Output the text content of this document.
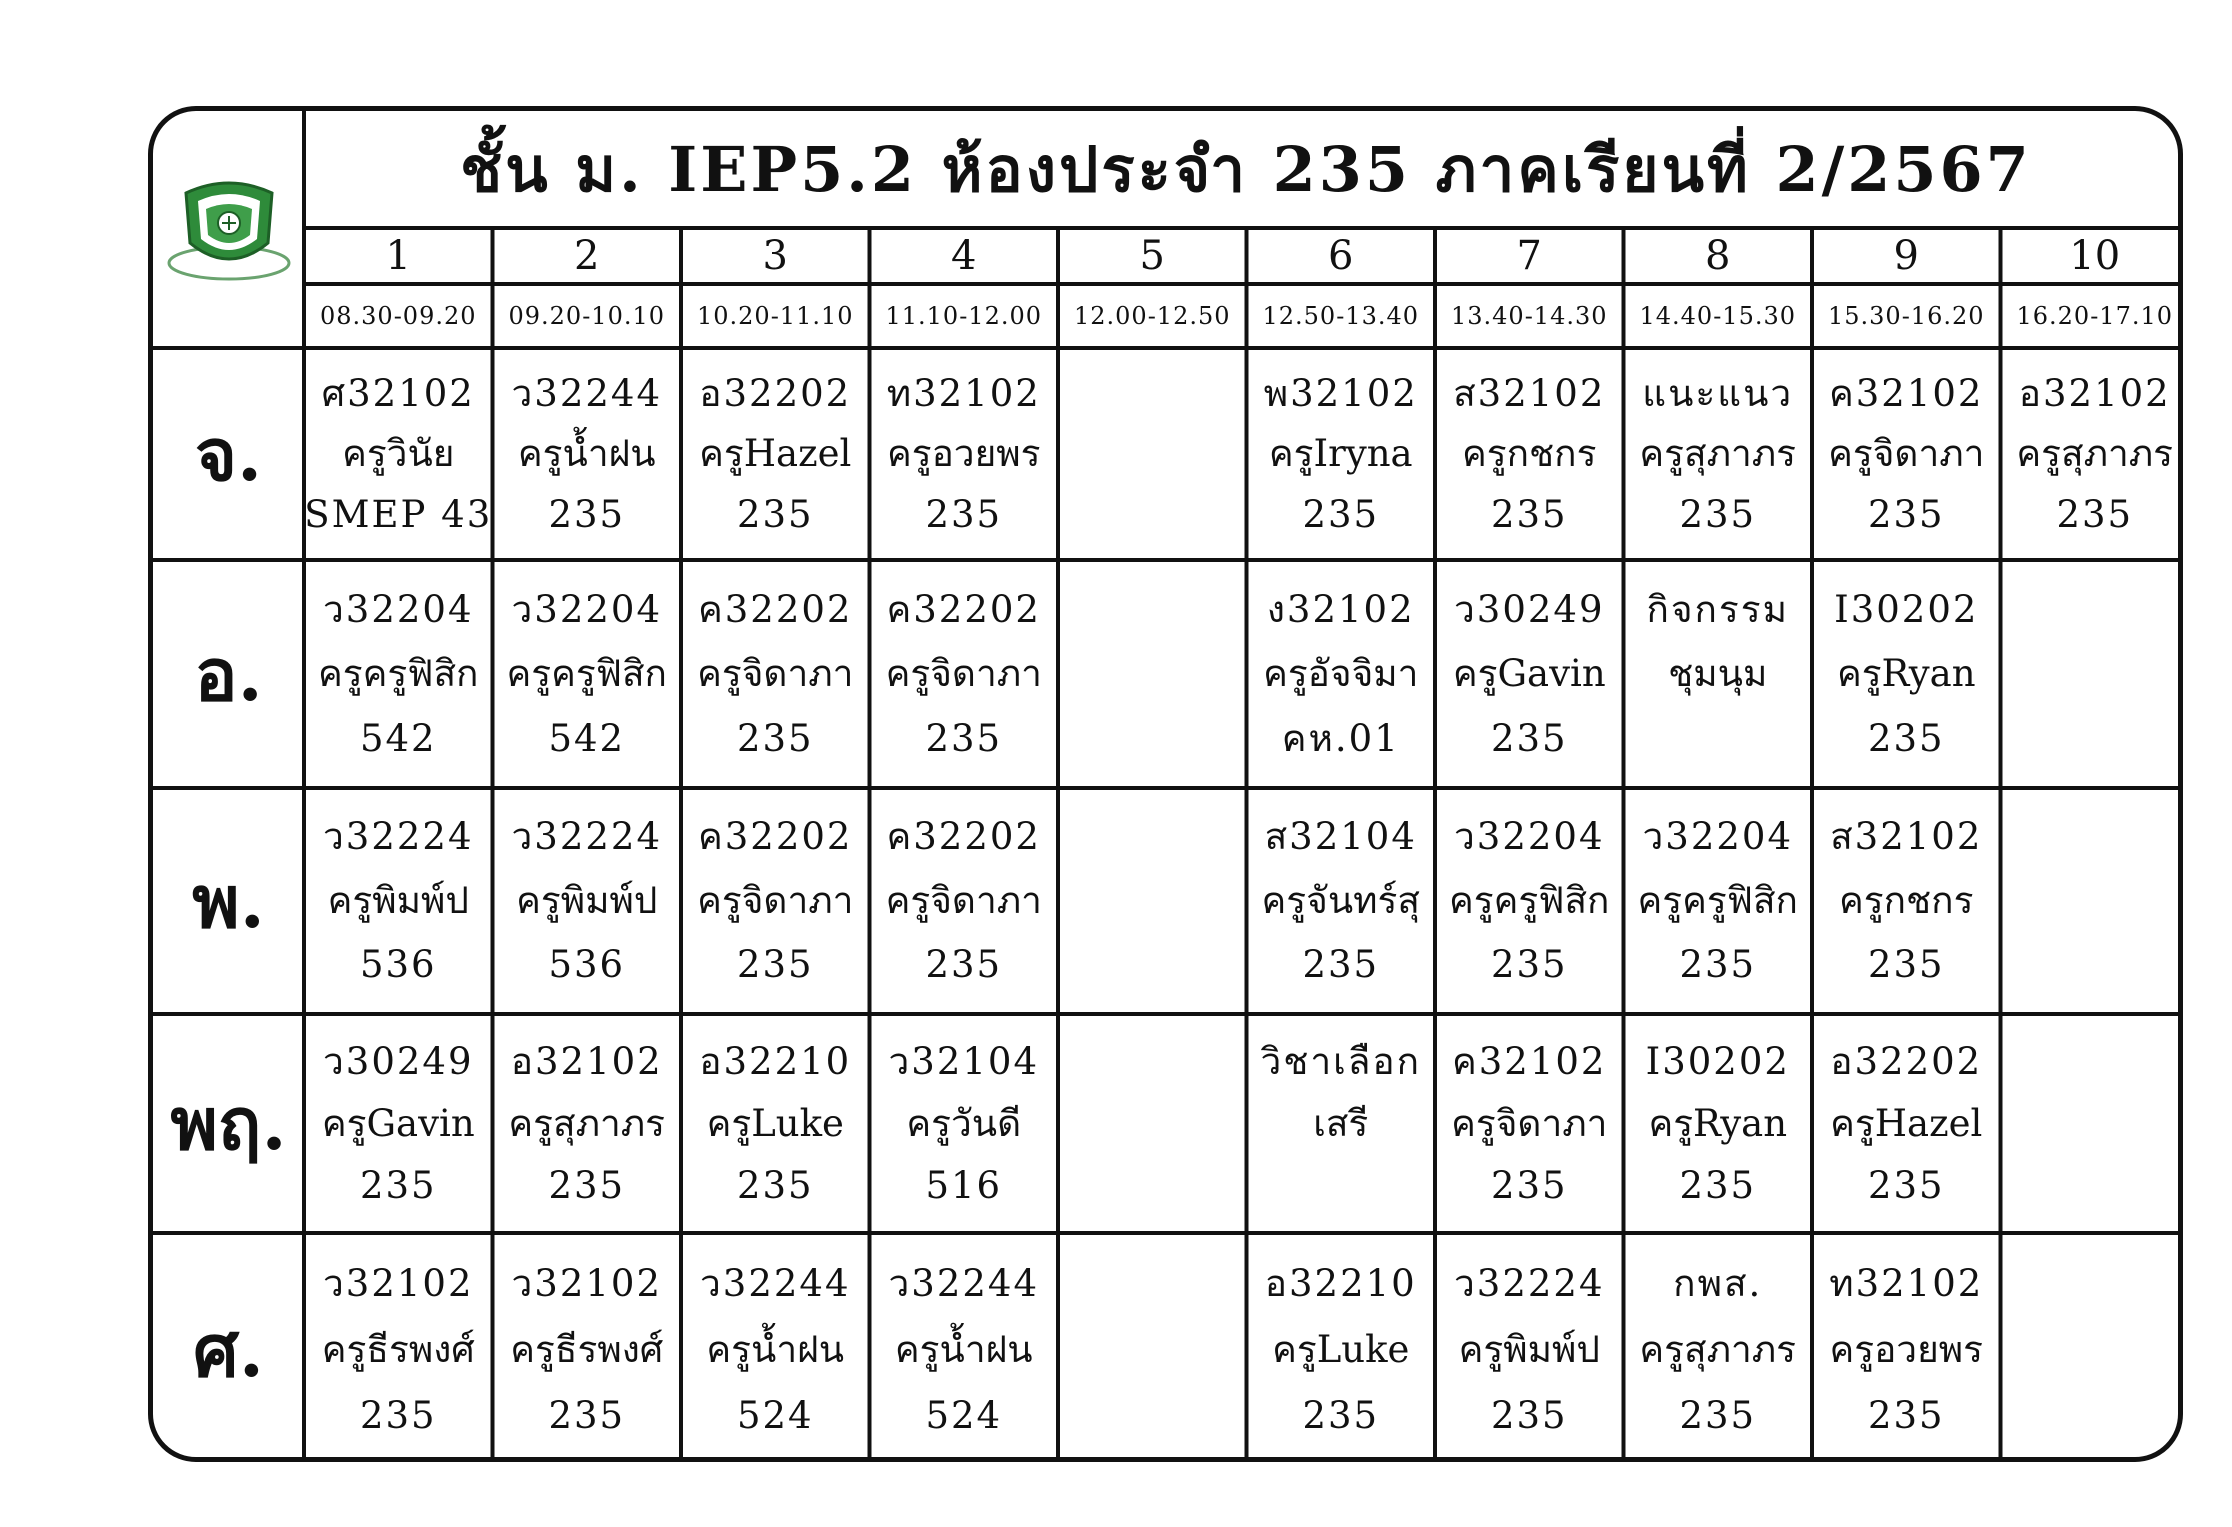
ชั้น ม. IEP5.2 ห้องประจำ 235 ภาคเรียนที่ 2/2567
1
08.30-09.20
2
09.20-10.10
3
10.20-11.10
4
11.10-12.00
5
12.00-12.50
6
12.50-13.40
7
13.40-14.30
8
14.40-15.30
9
15.30-16.20
10
16.20-17.10
จ.
ศ32102
ครูวินัย
SMEP 43
ว32244
ครูน้ำฝน
235
อ32202
ครูHazel
235
ท32102
ครูอวยพร
235

พ32102
ครูIryna
235
ส32102
ครูกชกร
235
แนะแนว
ครูสุภาภร
235
ค32102
ครูจิดาภา
235
อ32102
ครูสุภาภร
235
อ.
ว32204
ครูครูฟิสิก
542
ว32204
ครูครูฟิสิก
542
ค32202
ครูจิดาภา
235
ค32202
ครูจิดาภา
235

ง32102
ครูอัจจิมา
คห.01
ว30249
ครูGavin
235
กิจกรรม
ชุมนุม

I30202
ครูRyan
235

พ.
ว32224
ครูพิมพ์ป
536
ว32224
ครูพิมพ์ป
536
ค32202
ครูจิดาภา
235
ค32202
ครูจิดาภา
235

ส32104
ครูจันทร์สุ
235
ว32204
ครูครูฟิสิก
235
ว32204
ครูครูฟิสิก
235
ส32102
ครูกชกร
235

พฤ.
ว30249
ครูGavin
235
อ32102
ครูสุภาภร
235
อ32210
ครูLuke
235
ว32104
ครูวันดี
516

วิชาเลือก
เสรี

ค32102
ครูจิดาภา
235
I30202
ครูRyan
235
อ32202
ครูHazel
235

ศ.
ว32102
ครูธีรพงศ์
235
ว32102
ครูธีรพงศ์
235
ว32244
ครูน้ำฝน
524
ว32244
ครูน้ำฝน
524

อ32210
ครูLuke
235
ว32224
ครูพิมพ์ป
235
กพส.
ครูสุภาภร
235
ท32102
ครูอวยพร
235
